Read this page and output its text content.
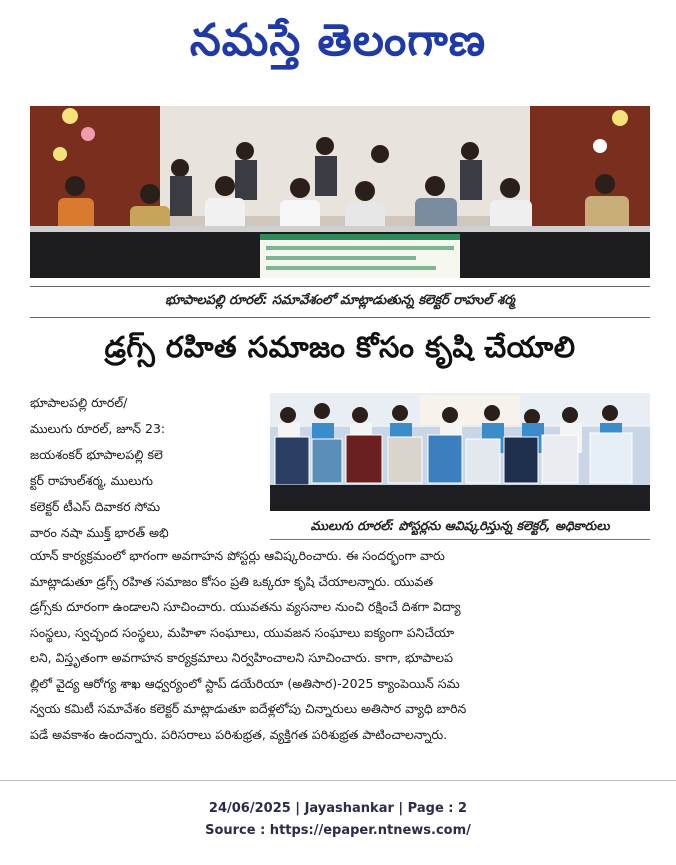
నమస్తే తెలంగాణ
భూపాలపల్లి రూరల్: సమావేశంలో మాట్లాడుతున్న కలెక్టర్ రాహుల్ శర్మ
డ్రగ్స్ రహిత సమాజం కోసం కృషి చేయాలి
భూపాలపల్లి రూరల్/
ములుగు రూరల్, జూన్ 23:
జయశంకర్ భూపాలపల్లి కలె
క్టర్ రాహుల్‌శర్మ, ములుగు
కలెక్టర్ టీఎస్ దివాకర సోమ
వారం నషా ముక్త్ భారత్ అభి	ములుగు రూరల్: పోస్టర్లను ఆవిష్కరిస్తున్న కలెక్టర్, అధికారులు
యాన్ కార్యక్రమంలో భాగంగా అవగాహన పోస్టర్లు ఆవిష్కరించారు. ఈ సందర్భంగా వారు
మాట్లాడుతూ డ్రగ్స్ రహిత సమాజం కోసం ప్రతి ఒక్కరూ కృషి చేయాలన్నారు. యువత
డ్రగ్స్‌కు దూరంగా ఉండాలని సూచించారు. యువతను వ్యసనాల నుంచి రక్షించే దిశగా విద్యా
సంస్థలు, స్వచ్ఛంద సంస్థలు, మహిళా సంఘాలు, యువజన సంఘాలు ఐక్యంగా పనిచేయా
లని, విస్తృతంగా అవగాహన కార్యక్రమాలు నిర్వహించాలని సూచించారు. కాగా, భూపాలప
ల్లిలో వైద్య ఆరోగ్య శాఖ ఆధ్వర్యంలో స్టాప్ డయేరియా (అతిసార)-2025 క్యాంపెయిన్ సమ
న్వయ కమిటీ సమావేశం కలెక్టర్ మాట్లాడుతూ ఐదేళ్లలోపు చిన్నారులు అతిసార వ్యాధి బారిన
పడే అవకాశం ఉందన్నారు. పరిసరాలు పరిశుభ్రత, వ్యక్తిగత పరిశుభ్రత పాటించాలన్నారు.
24/06/2025 | Jayashankar | Page : 2
Source : https://epaper.ntnews.com/
